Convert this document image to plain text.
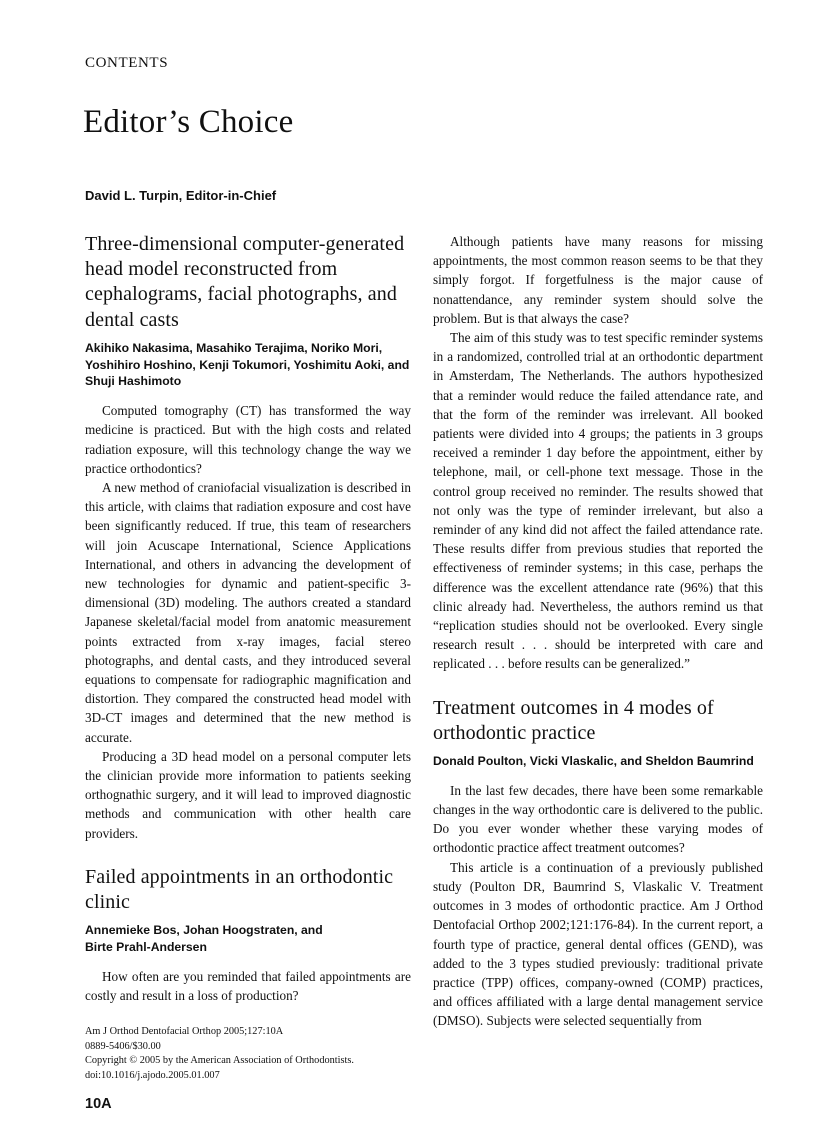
CONTENTS
Editor’s Choice
David L. Turpin, Editor-in-Chief
Three-dimensional computer-generated head model reconstructed from cephalograms, facial photographs, and dental casts
Akihiko Nakasima, Masahiko Terajima, Noriko Mori, Yoshihiro Hoshino, Kenji Tokumori, Yoshimitu Aoki, and Shuji Hashimoto

Computed tomography (CT) has transformed the way medicine is practiced. But with the high costs and related radiation exposure, will this technology change the way we practice orthodontics?

A new method of craniofacial visualization is described in this article, with claims that radiation exposure and cost have been significantly reduced. If true, this team of researchers will join Acuscape International, Science Applications International, and others in advancing the development of new technologies for dynamic and patient-specific 3-dimensional (3D) modeling. The authors created a standard Japanese skeletal/facial model from anatomic measurement points extracted from x-ray images, facial stereo photographs, and dental casts, and they introduced several equations to compensate for radiographic magnification and distortion. They compared the constructed head model with 3D-CT images and determined that the new method is accurate.

Producing a 3D head model on a personal computer lets the clinician provide more information to patients seeking orthognathic surgery, and it will lead to improved diagnostic methods and communication with other health care providers.

Failed appointments in an orthodontic clinic
Annemieke Bos, Johan Hoogstraten, and
Birte Prahl-Andersen

How often are you reminded that failed appointments are costly and result in a loss of production?

Am J Orthod Dentofacial Orthop 2005;127:10A
0889-5406/$30.00
Copyright © 2005 by the American Association of Orthodontists.
doi:10.1016/j.ajodo.2005.01.007
10A

Although patients have many reasons for missing appointments, the most common reason seems to be that they simply forgot. If forgetfulness is the major cause of nonattendance, any reminder system should solve the problem. But is that always the case?

The aim of this study was to test specific reminder systems in a randomized, controlled trial at an orthodontic department in Amsterdam, The Netherlands. The authors hypothesized that a reminder would reduce the failed attendance rate, and that the form of the reminder was irrelevant. All booked patients were divided into 4 groups; the patients in 3 groups received a reminder 1 day before the appointment, either by telephone, mail, or cell-phone text message. Those in the control group received no reminder. The results showed that not only was the type of reminder irrelevant, but also a reminder of any kind did not affect the failed attendance rate. These results differ from previous studies that reported the effectiveness of reminder systems; in this case, perhaps the difference was the excellent attendance rate (96%) that this clinic already had. Nevertheless, the authors remind us that “replication studies should not be overlooked. Every single research result . . . should be interpreted with care and replicated . . . before results can be generalized.”

Treatment outcomes in 4 modes of orthodontic practice
Donald Poulton, Vicki Vlaskalic, and Sheldon Baumrind

In the last few decades, there have been some remarkable changes in the way orthodontic care is delivered to the public. Do you ever wonder whether these varying modes of orthodontic practice affect treatment outcomes?

This article is a continuation of a previously published study (Poulton DR, Baumrind S, Vlaskalic V. Treatment outcomes in 3 modes of orthodontic practice. Am J Orthod Dentofacial Orthop 2002;121:176-84). In the current report, a fourth type of practice, general dental offices (GEND), was added to the 3 types studied previously: traditional private practice (TPP) offices, company-owned (COMP) practices, and offices affiliated with a large dental management service (DMSO). Subjects were selected sequentially from
